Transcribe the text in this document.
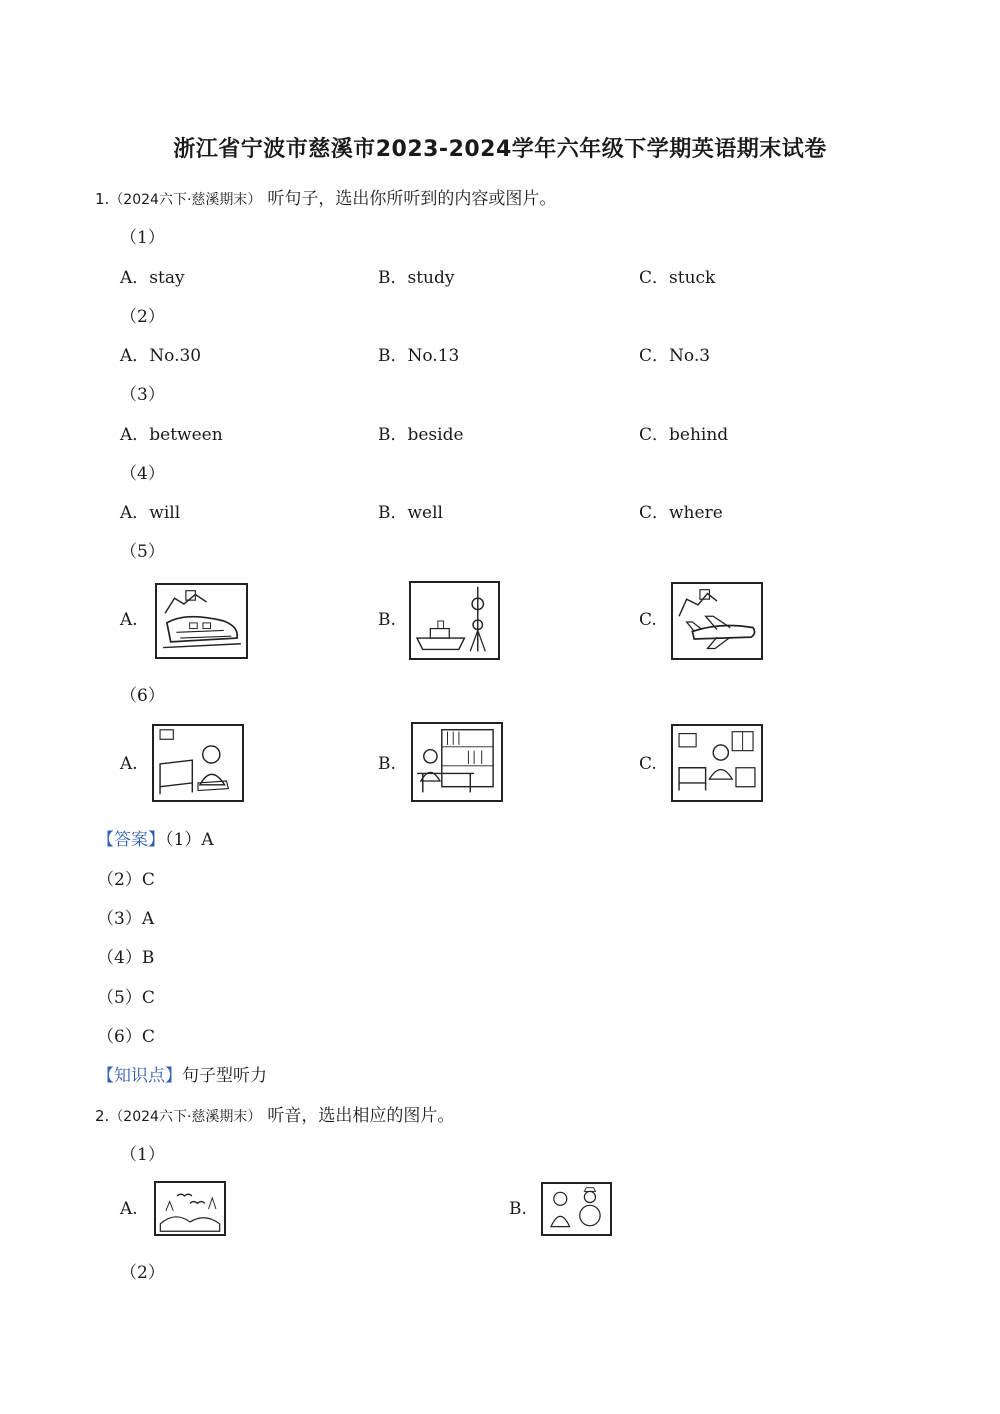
浙江省宁波市慈溪市2023-2024学年六年级下学期英语期末试卷
1.（2024六下·慈溪期末） 听句子，选出你所听到的内容或图片。
（1）
A．stay	B．study	C．stuck
（2）
A．No.30	B．No.13	C．No.3
（3）
A．between	B．beside	C．behind
（4）
A．will	B．well	C．where
（5）
A.	B.	C.
（6）
A.	B.	C.
【答案】（1）A
（2）C
（3）A
（4）B
（5）C
（6）C
【知识点】句子型听力
2.（2024六下·慈溪期末） 听音，选出相应的图片。
（1）
A.	B.
（2）
